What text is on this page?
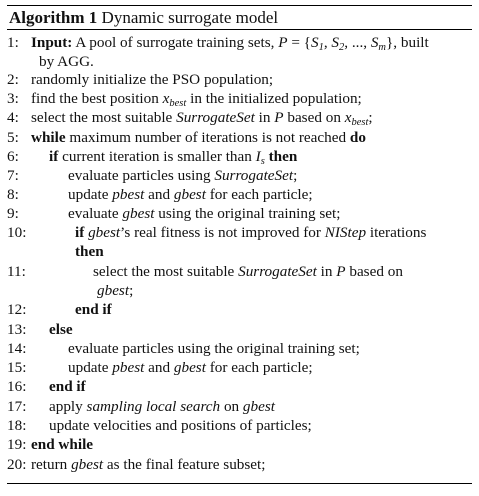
Algorithm 1 Dynamic surrogate model
1: Input: A pool of surrogate training sets, $P = \{S_1$, $S_2$, ..., $S_m$}, built
by AGG.
2: randomly initialize the PSO population;
3: find the best position $x_{best}$ in the initialized population;
4: select the most suitable SurrogateSet in P based on $x_{best}$;
5: while maximum number of iterations is not reached do
6:	if current iteration is smaller than $I_s$ then
7:	evaluate particles using SurrogateSet;
8:	update pbest and gbest for each particle;
9:	evaluate gbest using the original training set;
10:	if gbest’s real fitness is not improved for NIStep iterations
then
11:	select the most suitable SurrogateSet in P based on
gbest;
12:	end if
13:	else
14:	evaluate particles using the original training set;
15:	update pbest and gbest for each particle;
16:	end if
17:	apply sampling local search on gbest
18:	update velocities and positions of particles;
19: end while
20: return gbest as the final feature subset;
